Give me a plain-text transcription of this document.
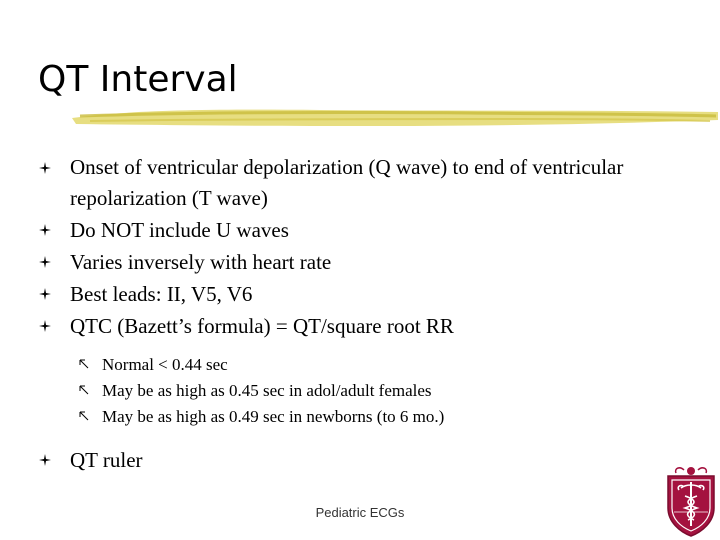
QT Interval
Onset of ventricular depolarization (Q wave) to end of ventricular repolarization (T wave)
Do NOT include U waves
Varies inversely with heart rate
Best leads: II, V5, V6
QTC (Bazett’s formula) = QT/square root RR
Normal < 0.44 sec
May be as high as 0.45 sec in adol/adult females
May be as high as 0.49 sec in newborns (to 6 mo.)
QT ruler
Pediatric ECGs
